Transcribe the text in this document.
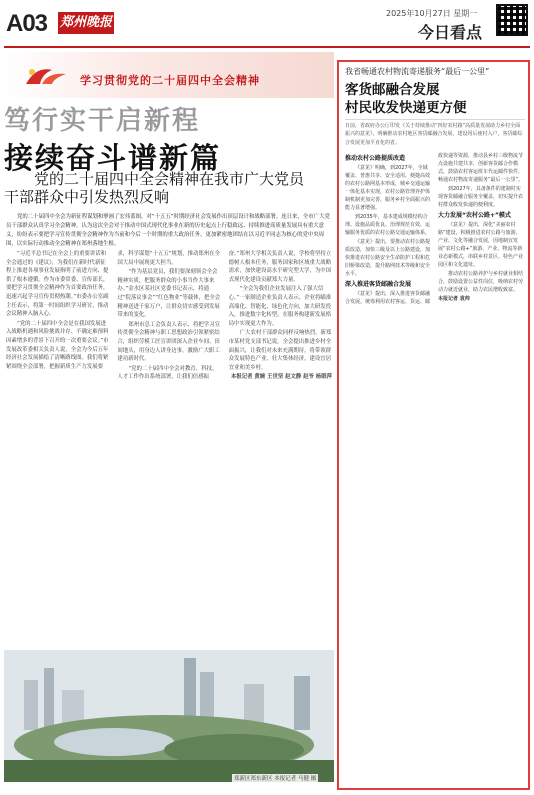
A03 郑州晚报
2025年10月27日 星期一
今日看点
学习贯彻党的二十届四中全会精神
笃行实干启新程
接续奋斗谱新篇
党的二十届四中全会精神在我市广大党员
干部群众中引发热烈反响
党的二十届四中全会为新征程谋划和擘画了宏伟蓝图，对“十五五”时期经济社会发展作出顶层设计和战略部署。连日来，全市广大党员干部群众认真学习全会精神，认为这次全会对于推动中国式现代化事业在新的历史起点上行稳致远、持续推进高质量发展具有重大意义，纷纷表示要把学习宣传贯彻全会精神作为当前和今后一个时期的重大政治任务，更加紧密地团结在以习近平同志为核心的党中央周围，以实际行动推动全会精神在郑州落地生根。

“习近平总书记在全会上的重要讲话和全会通过的《建议》，为我们在新时代新征程上推进各项事业发展指明了前进方向、提供了根本遵循。作为市委常委、宣传部长，要把学习贯彻全会精神作为首要政治任务，迅速兴起学习宣传贯彻热潮。”市委办公室副主任表示，将第一时间组织学习研讨，推动会议精神入脑入心。

“党的二十届四中全会是在我国发展进入战略机遇和风险挑战并存、不确定难预料因素增多的背景下召开的一次重要会议。”市发展改革委相关负责人说，全会为今后五年经济社会发展描绘了清晰路线图。我们将紧紧围绕全会部署，把握新质生产力发展要求，科学谋划“十五五”规划，推动郑州在全国大局中展现更大担当。

“作为基层党员，我们要深刻领会全会精神实质，把服务群众的小事当作大事来办。”金水区某社区党委书记表示，将通过“院落议事会”“红色物业”等载体，把全会精神送进千家万户，让群众切实感受到发展带来的变化。

郑州市总工会负责人表示，将把学习宣传贯彻全会精神与职工思想政治引领紧密结合，组织劳模工匠宣讲团深入企业车间、田间地头，用身边人讲身边事，激励广大职工建功新时代。

“党的二十届四中全会对教育、科技、人才工作作出系统部署，让我们倍感振奋。”郑州大学相关负责人说，学校将坚持立德树人根本任务，服务国家和区域重大战略需求，加快建设高水平研究型大学，为中国式现代化建设贡献郑大力量。

“全会为我们企业发展注入了强大信心。”一家制造企业负责人表示，企业将瞄准高端化、智能化、绿色化方向，加大研发投入，推进数字化转型，在服务构建新发展格局中实现更大作为。

广大农村干部群众同样反响热烈。新郑市某村党支部书记说，全会提出推进乡村全面振兴，让我们对未来充满期待，将带领群众发展特色产业，壮大集体经济，建设宜居宜业和美乡村。

本报记者 黄婉 王世坚 赵文静 赵爷 杨眼萍

郑新区郑东新区 本报记者 马健 摄
我省畅通农村物流寄递服务“最后一公里”
客货邮融合发展
村民收发快递更方便
日前，省政府办公厅印发《关于持续推动“四好农村路”高质量发展助力乡村全面振兴的意见》，明确推动农村地区客货邮融合发展，建设用后使村入户，客货邮综合发展更加平直化的省。
推动农村公路提质改造

《意见》明确，到2027年，全域覆盖、普惠共享、安全适用、便捷高效的农村公路网基本形成，城乡交通运输一体化基本实现，农村公路管理养护体制机制更加完善，服务乡村全面振兴的能力显著增强。

到2035年，基本建成规模结构合理、设施品质优良、治理规范有效、运输服务优质的农村公路交通运输体系。

《意见》提出，要推动农村公路提质改造，加快三级及以上公路建设，加快推进农村公路安全生命防护工程和危旧桥梁改造，提升路网技术等级和安全水平。

深入推进客货邮融合发展

《意见》提出，深入推进客货邮融合发展。统筹利用农村客运、货运、邮政快递等资源，推动县乡村三级物流节点设施共建共享，创新客货邮合作模式，鼓励农村客运班车代运邮件快件，畅通农村物流寄递服务“最后一公里”。

到2027年，具备条件的建制村实现客货邮融合服务全覆盖，切实提升农村群众收发快递的便利度。

大力发展“农村公路+”模式

《意见》提出，深化“美丽农村路”建设，积极推进农村公路与旅游、产业、文化等融合发展，因地制宜发展“农村公路+”旅游、产业、物流等新业态新模式，串联乡村景区、特色产业园区和文化遗址。

推动农村公路养护与乡村就业相结合，鼓励设置公益性岗位，吸纳农村劳动力就近就业，助力农民增收致富。

本报记者 袁帅
